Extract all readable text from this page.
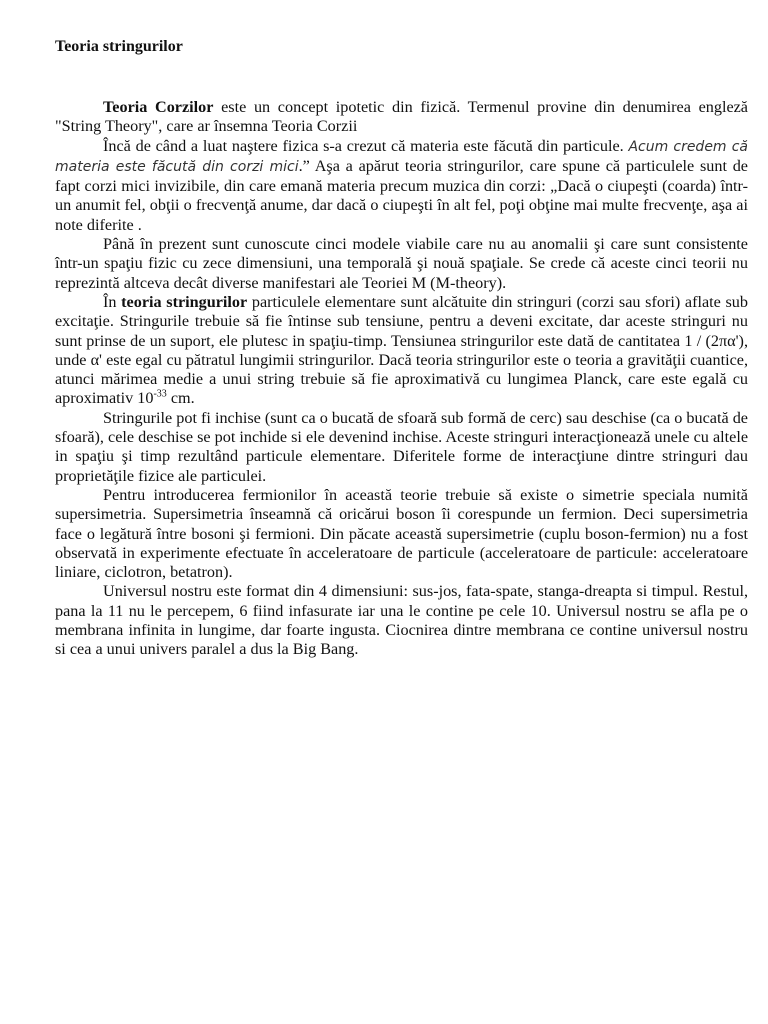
Teoria stringurilor

Teoria Corzilor este un concept ipotetic din fizică. Termenul provine din denumirea engleză "String Theory", care ar însemna Teoria Corzii

Încă de când a luat naştere fizica s-a crezut că materia este făcută din particule. Acum credem că materia este făcută din corzi mici.” Aşa a apărut teoria stringurilor, care spune că particulele sunt de fapt corzi mici invizibile, din care emană materia precum muzica din corzi: „Dacă o ciupeşti (coarda) într-un anumit fel, obţii o frecvenţă anume, dar dacă o ciupeşti în alt fel, poţi obţine mai multe frecvenţe, aşa ai note diferite .

Până în prezent sunt cunoscute cinci modele viabile care nu au anomalii şi care sunt consistente într-un spaţiu fizic cu zece dimensiuni, una temporală şi nouă spaţiale. Se crede că aceste cinci teorii nu reprezintă altceva decât diverse manifestari ale Teoriei M (M-theory).

În teoria stringurilor particulele elementare sunt alcătuite din stringuri (corzi sau sfori) aflate sub excitaţie. Stringurile trebuie să fie întinse sub tensiune, pentru a deveni excitate, dar aceste stringuri nu sunt prinse de un suport, ele plutesc in spaţiu-timp. Tensiunea stringurilor este dată de cantitatea 1 / (2πα'), unde α' este egal cu pătratul lungimii stringurilor. Dacă teoria stringurilor este o teoria a gravităţii cuantice, atunci mărimea medie a unui string trebuie să fie aproximativă cu lungimea Planck, care este egală cu aproximativ $10^{-33}$ cm.

Stringurile pot fi inchise (sunt ca o bucată de sfoară sub formă de cerc) sau deschise (ca o bucată de sfoară), cele deschise se pot inchide si ele devenind inchise. Aceste stringuri interacţionează unele cu altele in spaţiu şi timp rezultând particule elementare. Diferitele forme de interacţiune dintre stringuri dau proprietăţile fizice ale particulei.

Pentru introducerea fermionilor în această teorie trebuie să existe o simetrie speciala numită supersimetria. Supersimetria înseamnă că oricărui boson îi corespunde un fermion. Deci supersimetria face o legătură între bosoni şi fermioni. Din păcate această supersimetrie (cuplu boson-fermion) nu a fost observată in experimente efectuate în acceleratoare de particule (acceleratoare de particule: acceleratoare liniare, ciclotron, betatron).

Universul nostru este format din 4 dimensiuni: sus-jos, fata-spate, stanga-dreapta si timpul. Restul, pana la 11 nu le percepem, 6 fiind infasurate iar una le contine pe cele 10. Universul nostru se afla pe o membrana infinita in lungime, dar foarte ingusta. Ciocnirea dintre membrana ce contine universul nostru si cea a unui univers paralel a dus la Big Bang.
